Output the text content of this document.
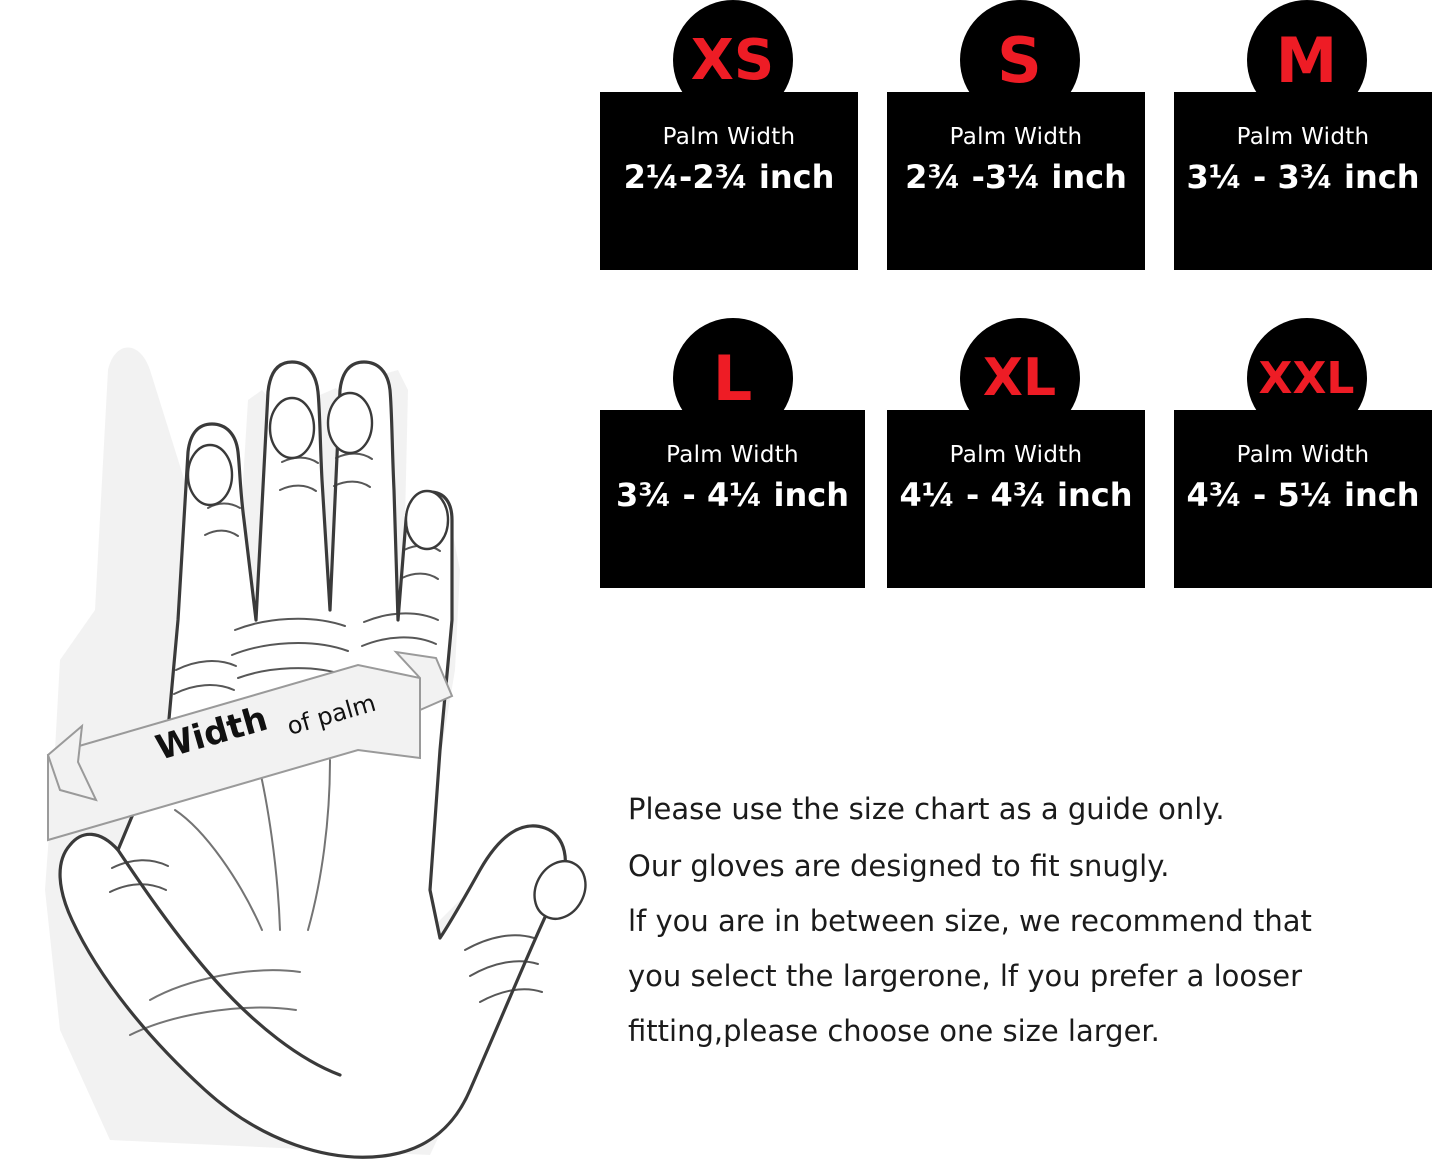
Width of palm
XS
Palm Width
2¼-2¾ inch
S
Palm Width
2¾ -3¼ inch
M
Palm Width
3¼ - 3¾ inch
L
Palm Width
3¾ - 4¼ inch
XL
Palm Width
4¼ - 4¾ inch
XXL
Palm Width
4¾ - 5¼ inch
Please use the size chart as a guide only.
Our gloves are designed to fit snugly.
lf you are in between size, we recommend that
you select the largerone, lf you prefer a looser
fitting,please choose one size larger.
